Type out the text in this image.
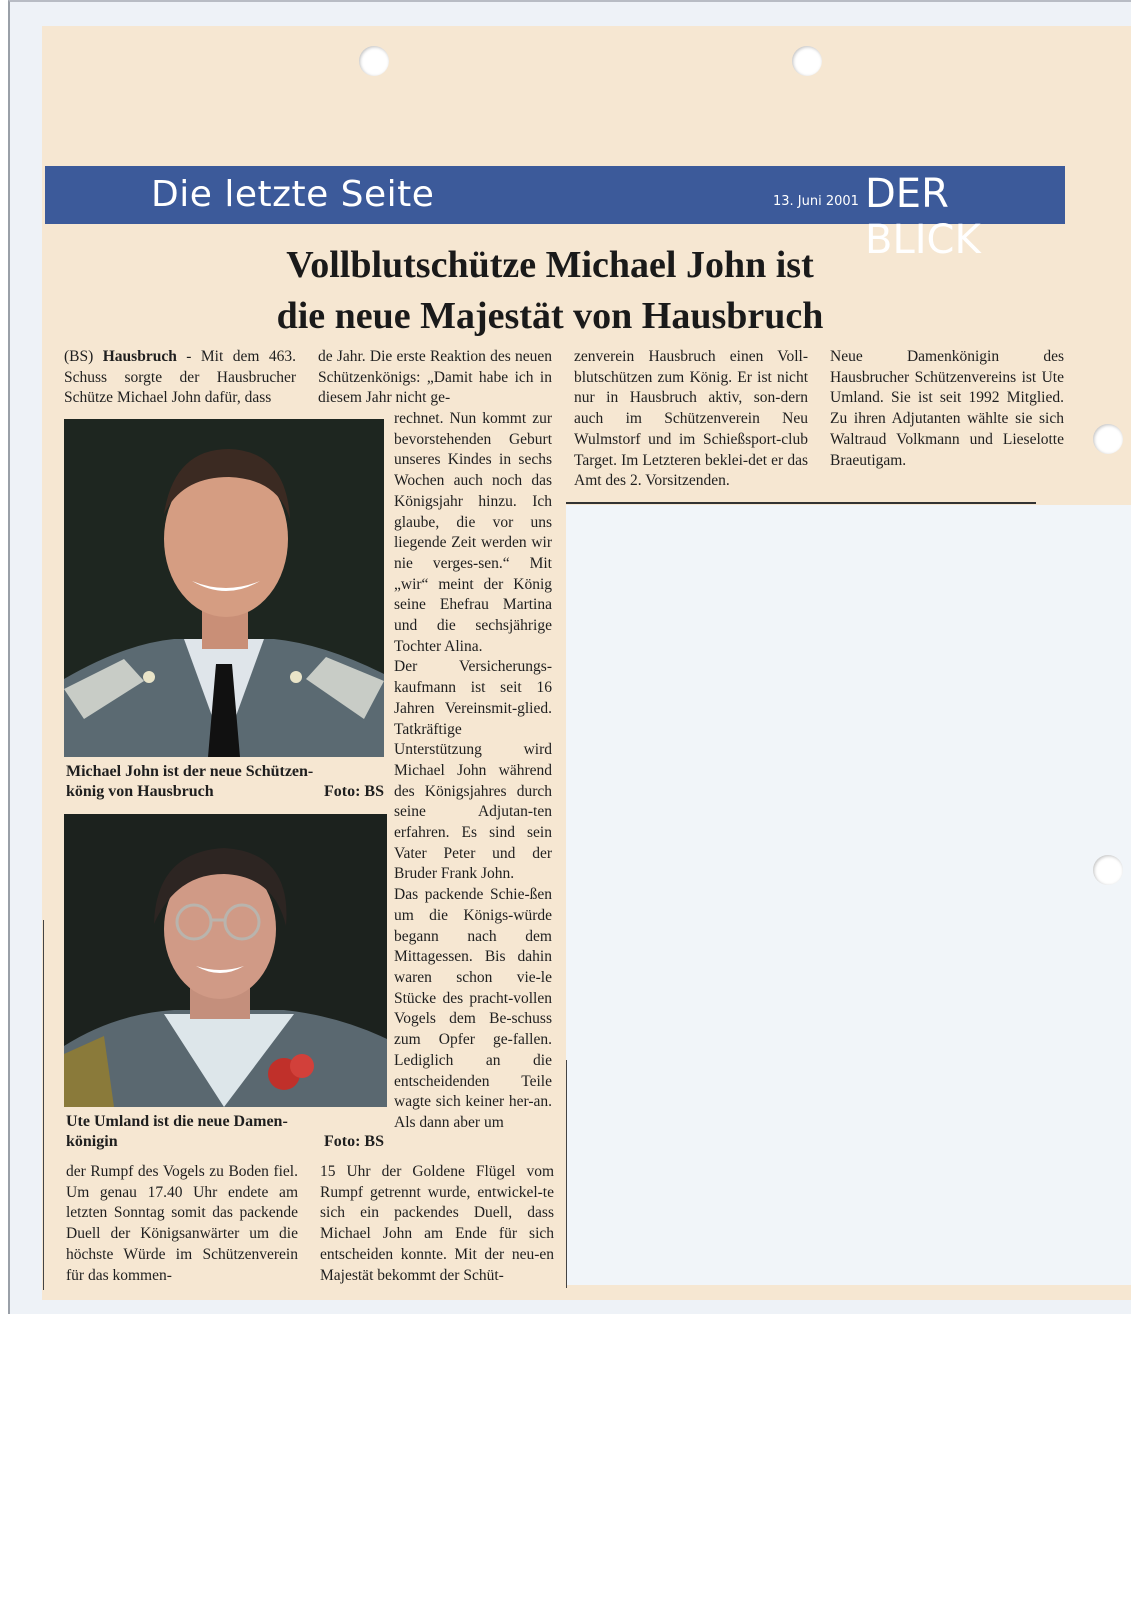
Die letzte Seite	13. Juni 2001 DER BLICK
Vollblutschütze Michael John ist
die neue Majestät von Hausbruch

(BS) Hausbruch - Mit dem 463. Schuss sorgte der Hausbrucher Schütze Michael John dafür, dass

Michael John ist der neue Schützen-
könig von Hausbruch	Foto: BS
Ute Umland ist die neue Damen-
königin	Foto: BS

der Rumpf des Vogels zu Boden fiel. Um genau 17.40 Uhr endete am letzten Sonntag somit das packende Duell der Königsanwärter um die höchste Würde im Schützenverein für das kommen-

de Jahr. Die erste Reaktion des neuen Schützenkönigs: „Damit habe ich in diesem Jahr nicht ge-

rechnet. Nun kommt zur bevorstehenden Geburt unseres Kindes in sechs Wochen auch noch das Königsjahr hinzu. Ich glaube, die vor uns liegende Zeit werden wir nie verges-sen.“ Mit „wir“ meint der König seine Ehefrau Martina und die sechsjährige Tochter Alina.

Der Versicherungs-kaufmann ist seit 16 Jahren Vereinsmit-glied. Tatkräftige Unterstützung wird Michael John während des Königsjahres durch seine Adjutan-ten erfahren. Es sind sein Vater Peter und der Bruder Frank John.

Das packende Schie-ßen um die Königs-würde begann nach dem Mittagessen. Bis dahin waren schon vie-le Stücke des pracht-vollen Vogels dem Be-schuss zum Opfer ge-fallen. Lediglich an die entscheidenden Teile wagte sich keiner her-an. Als dann aber um

15 Uhr der Goldene Flügel vom Rumpf getrennt wurde, entwickel-te sich ein packendes Duell, dass Michael John am Ende für sich entscheiden konnte. Mit der neu-en Majestät bekommt der Schüt-

zenverein Hausbruch einen Voll-blutschützen zum König. Er ist nicht nur in Hausbruch aktiv, son-dern auch im Schützenverein Neu Wulmstorf und im Schießsport-club Target. Im Letzteren beklei-det er das Amt des 2. Vorsitzenden.

Neue Damenkönigin des Hausbrucher Schützenvereins ist Ute Umland. Sie ist seit 1992 Mitglied. Zu ihren Adjutanten wählte sie sich Waltraud Volkmann und Lieselotte Braeutigam.
